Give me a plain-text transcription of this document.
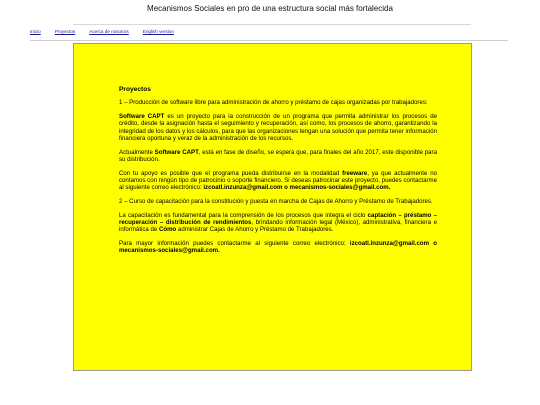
Mecanismos Sociales en pro de una estructura social más fortalecida
Inicio	Proyectos	Acerca de nosotros	English version
Proyectos

1 – Producción de software libre para administración de ahorro y préstamo de cajas organizadas por trabajadores:

Software CAPT es un proyecto para la construcción de un programa que permita administrar los procesos de crédito, desde la asignación hasta el seguimiento y recuperación, así como, los procesos de ahorro, garantizando la integridad de los datos y los cálculos, para que las organizaciones tengan una solución que permita tener información financiera oportuna y veraz de la administración de los recursos.

Actualmente Software CAPT, está en fase de diseño, se espera que, para finales del año 2017, este disponible para su distribución.

Con tu apoyo es posible que el programa pueda distribuirse en la modalidad freeware, ya que actualmente no contamos con ningún tipo de patrocinio o soporte financiero. Si deseas patrocinar este proyecto, puedes contactarme al siguiente correo electrónico: izcoatl.inzunza@gmail.com o mecanismos-sociales@gmail.com.

2 – Curso de capacitación para la constitución y puesta en marcha de Cajas de Ahorro y Préstamo de Trabajadores.

La capacitación es fundamental para la comprensión de los procesos que integra el ciclo captación – préstamo – recuperación – distribución de rendimientos, brindando información legal (México), administrativa, financiera e informática de Cómo administrar Cajas de Ahorro y Préstamo de Trabajadores.

Para mayor información puedes contactarme al siguiente correo electrónico: izcoatl.inzunza@gmail.com o mecanismos-sociales@gmail.com.
